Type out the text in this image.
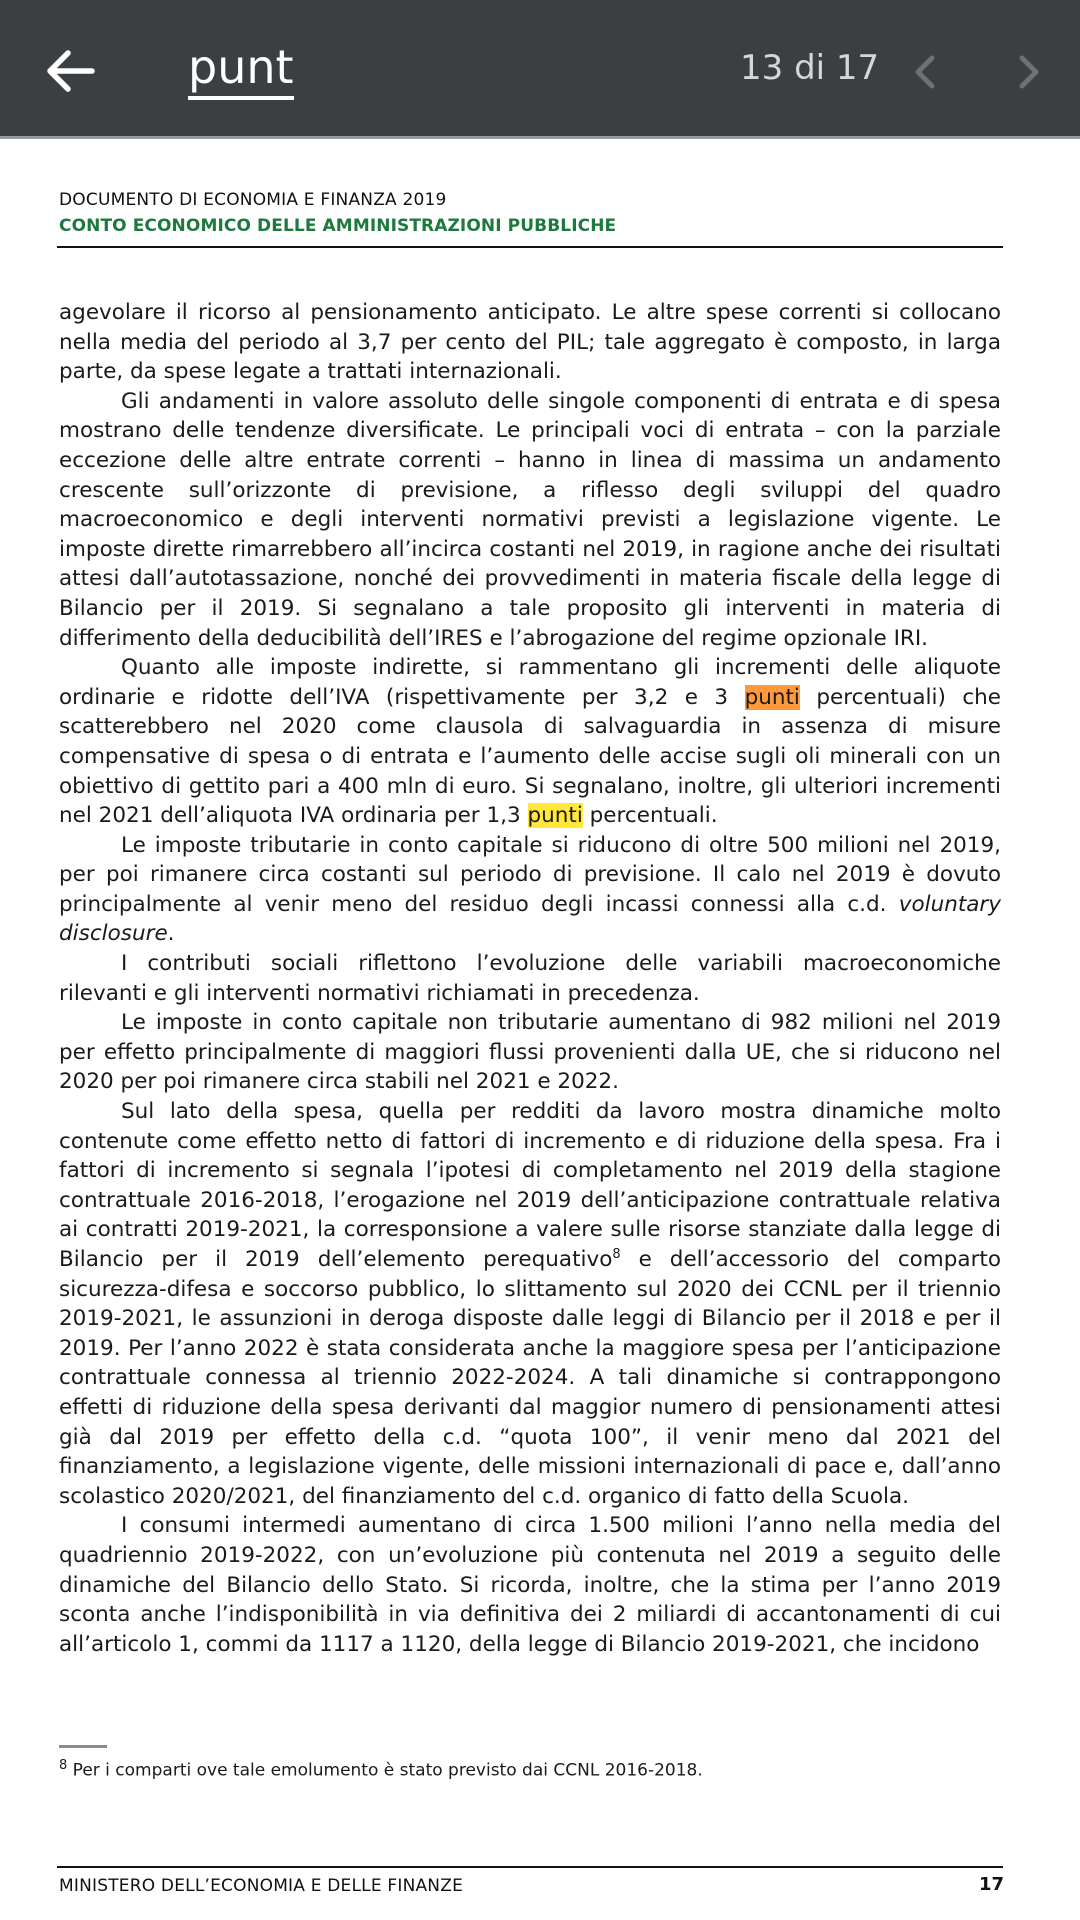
punt	13 di 17
DOCUMENTO DI ECONOMIA E FINANZA 2019
CONTO ECONOMICO DELLE AMMINISTRAZIONI PUBBLICHE

agevolare il ricorso al pensionamento anticipato. Le altre spese correnti si collocano nella media del periodo al 3,7 per cento del PIL; tale aggregato è composto, in larga parte, da spese legate a trattati internazionali.

Gli andamenti in valore assoluto delle singole componenti di entrata e di spesa mostrano delle tendenze diversificate. Le principali voci di entrata – con la parziale eccezione delle altre entrate correnti – hanno in linea di massima un andamento crescente sull’orizzonte di previsione, a riflesso degli sviluppi del quadro macroeconomico e degli interventi normativi previsti a legislazione vigente. Le imposte dirette rimarrebbero all’incirca costanti nel 2019, in ragione anche dei risultati attesi dall’autotassazione, nonché dei provvedimenti in materia fiscale della legge di Bilancio per il 2019. Si segnalano a tale proposito gli interventi in materia di differimento della deducibilità dell’IRES e l’abrogazione del regime opzionale IRI.

Quanto alle imposte indirette, si rammentano gli incrementi delle aliquote ordinarie e ridotte dell’IVA (rispettivamente per 3,2 e 3 punti percentuali) che scatterebbero nel 2020 come clausola di salvaguardia in assenza di misure compensative di spesa o di entrata e l’aumento delle accise sugli oli minerali con un obiettivo di gettito pari a 400 mln di euro. Si segnalano, inoltre, gli ulteriori incrementi nel 2021 dell’aliquota IVA ordinaria per 1,3 punti percentuali.

Le imposte tributarie in conto capitale si riducono di oltre 500 milioni nel 2019, per poi rimanere circa costanti sul periodo di previsione. Il calo nel 2019 è dovuto principalmente al venir meno del residuo degli incassi connessi alla c.d. voluntary disclosure.

I contributi sociali riflettono l’evoluzione delle variabili macroeconomiche rilevanti e gli interventi normativi richiamati in precedenza.

Le imposte in conto capitale non tributarie aumentano di 982 milioni nel 2019 per effetto principalmente di maggiori flussi provenienti dalla UE, che si riducono nel 2020 per poi rimanere circa stabili nel 2021 e 2022.

Sul lato della spesa, quella per redditi da lavoro mostra dinamiche molto contenute come effetto netto di fattori di incremento e di riduzione della spesa. Fra i fattori di incremento si segnala l’ipotesi di completamento nel 2019 della stagione contrattuale 2016-2018, l’erogazione nel 2019 dell’anticipazione contrattuale relativa ai contratti 2019-2021, la corresponsione a valere sulle risorse stanziate dalla legge di Bilancio per il 2019 dell’elemento perequativo$^8$ e dell’accessorio del comparto sicurezza-difesa e soccorso pubblico, lo slittamento sul 2020 dei CCNL per il triennio 2019-2021, le assunzioni in deroga disposte dalle leggi di Bilancio per il 2018 e per il 2019. Per l’anno 2022 è stata considerata anche la maggiore spesa per l’anticipazione contrattuale connessa al triennio 2022-2024. A tali dinamiche si contrappongono effetti di riduzione della spesa derivanti dal maggior numero di pensionamenti attesi già dal 2019 per effetto della c.d. “quota 100”, il venir meno dal 2021 del finanziamento, a legislazione vigente, delle missioni internazionali di pace e, dall’anno scolastico 2020/2021, del finanziamento del c.d. organico di fatto della Scuola.

I consumi intermedi aumentano di circa 1.500 milioni l’anno nella media del quadriennio 2019-2022, con un’evoluzione più contenuta nel 2019 a seguito delle dinamiche del Bilancio dello Stato. Si ricorda, inoltre, che la stima per l’anno 2019 sconta anche l’indisponibilità in via definitiva dei 2 miliardi di accantonamenti di cui all’articolo 1, commi da 1117 a 1120, della legge di Bilancio 2019-2021, che incidono

$^8$ Per i comparti ove tale emolumento è stato previsto dai CCNL 2016-2018.
MINISTERO DELL’ECONOMIA E DELLE FINANZE	17
